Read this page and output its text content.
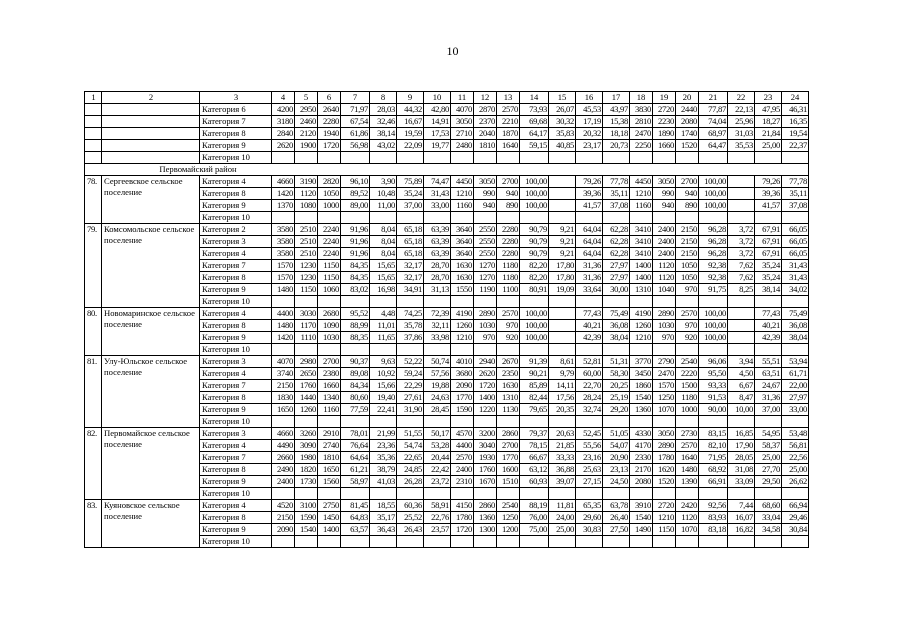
10
1	2	3	4	5	6	7	8	9	10	11	12	13	14	15	16	17	18	19	20	21	22	23	24
		Категория 6	4200	2950	2640	71,97	28,03	44,32	42,80	4070	2870	2570	73,93	26,07	45,53	43,97	3830	2720	2440	77,87	22,13	47,95	46,31
		Категория 7	3180	2460	2280	67,54	32,46	16,67	14,91	3050	2370	2210	69,68	30,32	17,19	15,38	2810	2230	2080	74,04	25,96	18,27	16,35
		Категория 8	2840	2120	1940	61,86	38,14	19,59	17,53	2710	2040	1870	64,17	35,83	20,32	18,18	2470	1890	1740	68,97	31,03	21,84	19,54
		Категория 9	2620	1900	1720	56,98	43,02	22,09	19,77	2480	1810	1640	59,15	40,85	23,17	20,73	2250	1660	1520	64,47	35,53	25,00	22,37
		Категория 10																					
	Первомайский район																						
78.	Сергеевское сельское поселение	Категория 4	4660	3190	2820	96,10	3,90	75,89	74,47	4450	3050	2700	100,00		79,26	77,78	4450	3050	2700	100,00		79,26	77,78
		Категория 8	1420	1120	1050	89,52	10,48	35,24	31,43	1210	990	940	100,00		39,36	35,11	1210	990	940	100,00		39,36	35,11
		Категория 9	1370	1080	1000	89,00	11,00	37,00	33,00	1160	940	890	100,00		41,57	37,08	1160	940	890	100,00		41,57	37,08
		Категория 10																					
79.	Комсомольское сельское поселение	Категория 2	3580	2510	2240	91,96	8,04	65,18	63,39	3640	2550	2280	90,79	9,21	64,04	62,28	3410	2400	2150	96,28	3,72	67,91	66,05
		Категория 3	3580	2510	2240	91,96	8,04	65,18	63,39	3640	2550	2280	90,79	9,21	64,04	62,28	3410	2400	2150	96,28	3,72	67,91	66,05
		Категория 4	3580	2510	2240	91,96	8,04	65,18	63,39	3640	2550	2280	90,79	9,21	64,04	62,28	3410	2400	2150	96,28	3,72	67,91	66,05
		Категория 7	1570	1230	1150	84,35	15,65	32,17	28,70	1630	1270	1180	82,20	17,80	31,36	27,97	1400	1120	1050	92,38	7,62	35,24	31,43
		Категория 8	1570	1230	1150	84,35	15,65	32,17	28,70	1630	1270	1180	82,20	17,80	31,36	27,97	1400	1120	1050	92,38	7,62	35,24	31,43
		Категория 9	1480	1150	1060	83,02	16,98	34,91	31,13	1550	1190	1100	80,91	19,09	33,64	30,00	1310	1040	970	91,75	8,25	38,14	34,02
		Категория 10																					
80.	Новомаринское сельское поселение	Категория 4	4400	3030	2680	95,52	4,48	74,25	72,39	4190	2890	2570	100,00		77,43	75,49	4190	2890	2570	100,00		77,43	75,49
		Категория 8	1480	1170	1090	88,99	11,01	35,78	32,11	1260	1030	970	100,00		40,21	36,08	1260	1030	970	100,00		40,21	36,08
		Категория 9	1420	1110	1030	88,35	11,65	37,86	33,98	1210	970	920	100,00		42,39	38,04	1210	970	920	100,00		42,39	38,04
		Категория 10																					
81.	Улу-Юльское сельское поселение	Категория 3	4070	2980	2700	90,37	9,63	52,22	50,74	4010	2940	2670	91,39	8,61	52,81	51,31	3770	2790	2540	96,06	3,94	55,51	53,94
		Категория 4	3740	2650	2380	89,08	10,92	59,24	57,56	3680	2620	2350	90,21	9,79	60,00	58,30	3450	2470	2220	95,50	4,50	63,51	61,71
		Категория 7	2150	1760	1660	84,34	15,66	22,29	19,88	2090	1720	1630	85,89	14,11	22,70	20,25	1860	1570	1500	93,33	6,67	24,67	22,00
		Категория 8	1830	1440	1340	80,60	19,40	27,61	24,63	1770	1400	1310	82,44	17,56	28,24	25,19	1540	1250	1180	91,53	8,47	31,36	27,97
		Категория 9	1650	1260	1160	77,59	22,41	31,90	28,45	1590	1220	1130	79,65	20,35	32,74	29,20	1360	1070	1000	90,00	10,00	37,00	33,00
		Категория 10																					
82.	Первомайское сельское поселение	Категория 3	4660	3260	2910	78,01	21,99	51,55	50,17	4570	3200	2860	79,37	20,63	52,45	51,05	4330	3050	2730	83,15	16,85	54,95	53,48
		Категория 4	4490	3090	2740	76,64	23,36	54,74	53,28	4400	3040	2700	78,15	21,85	55,56	54,07	4170	2890	2570	82,10	17,90	58,37	56,81
		Категория 7	2660	1980	1810	64,64	35,36	22,65	20,44	2570	1930	1770	66,67	33,33	23,16	20,90	2330	1780	1640	71,95	28,05	25,00	22,56
		Категория 8	2490	1820	1650	61,21	38,79	24,85	22,42	2400	1760	1600	63,12	36,88	25,63	23,13	2170	1620	1480	68,92	31,08	27,70	25,00
		Категория 9	2400	1730	1560	58,97	41,03	26,28	23,72	2310	1670	1510	60,93	39,07	27,15	24,50	2080	1520	1390	66,91	33,09	29,50	26,62
		Категория 10																					
83.	Куяновское сельское поселение	Категория 4	4520	3100	2750	81,45	18,55	60,36	58,91	4150	2860	2540	88,19	11,81	65,35	63,78	3910	2720	2420	92,56	7,44	68,60	66,94
		Категория 8	2150	1590	1450	64,83	35,17	25,52	22,76	1780	1360	1250	76,00	24,00	29,60	26,40	1540	1210	1120	83,93	16,07	33,04	29,46
		Категория 9	2090	1540	1400	63,57	36,43	26,43	23,57	1720	1300	1200	75,00	25,00	30,83	27,50	1490	1150	1070	83,18	16,82	34,58	30,84
		Категория 10																					
